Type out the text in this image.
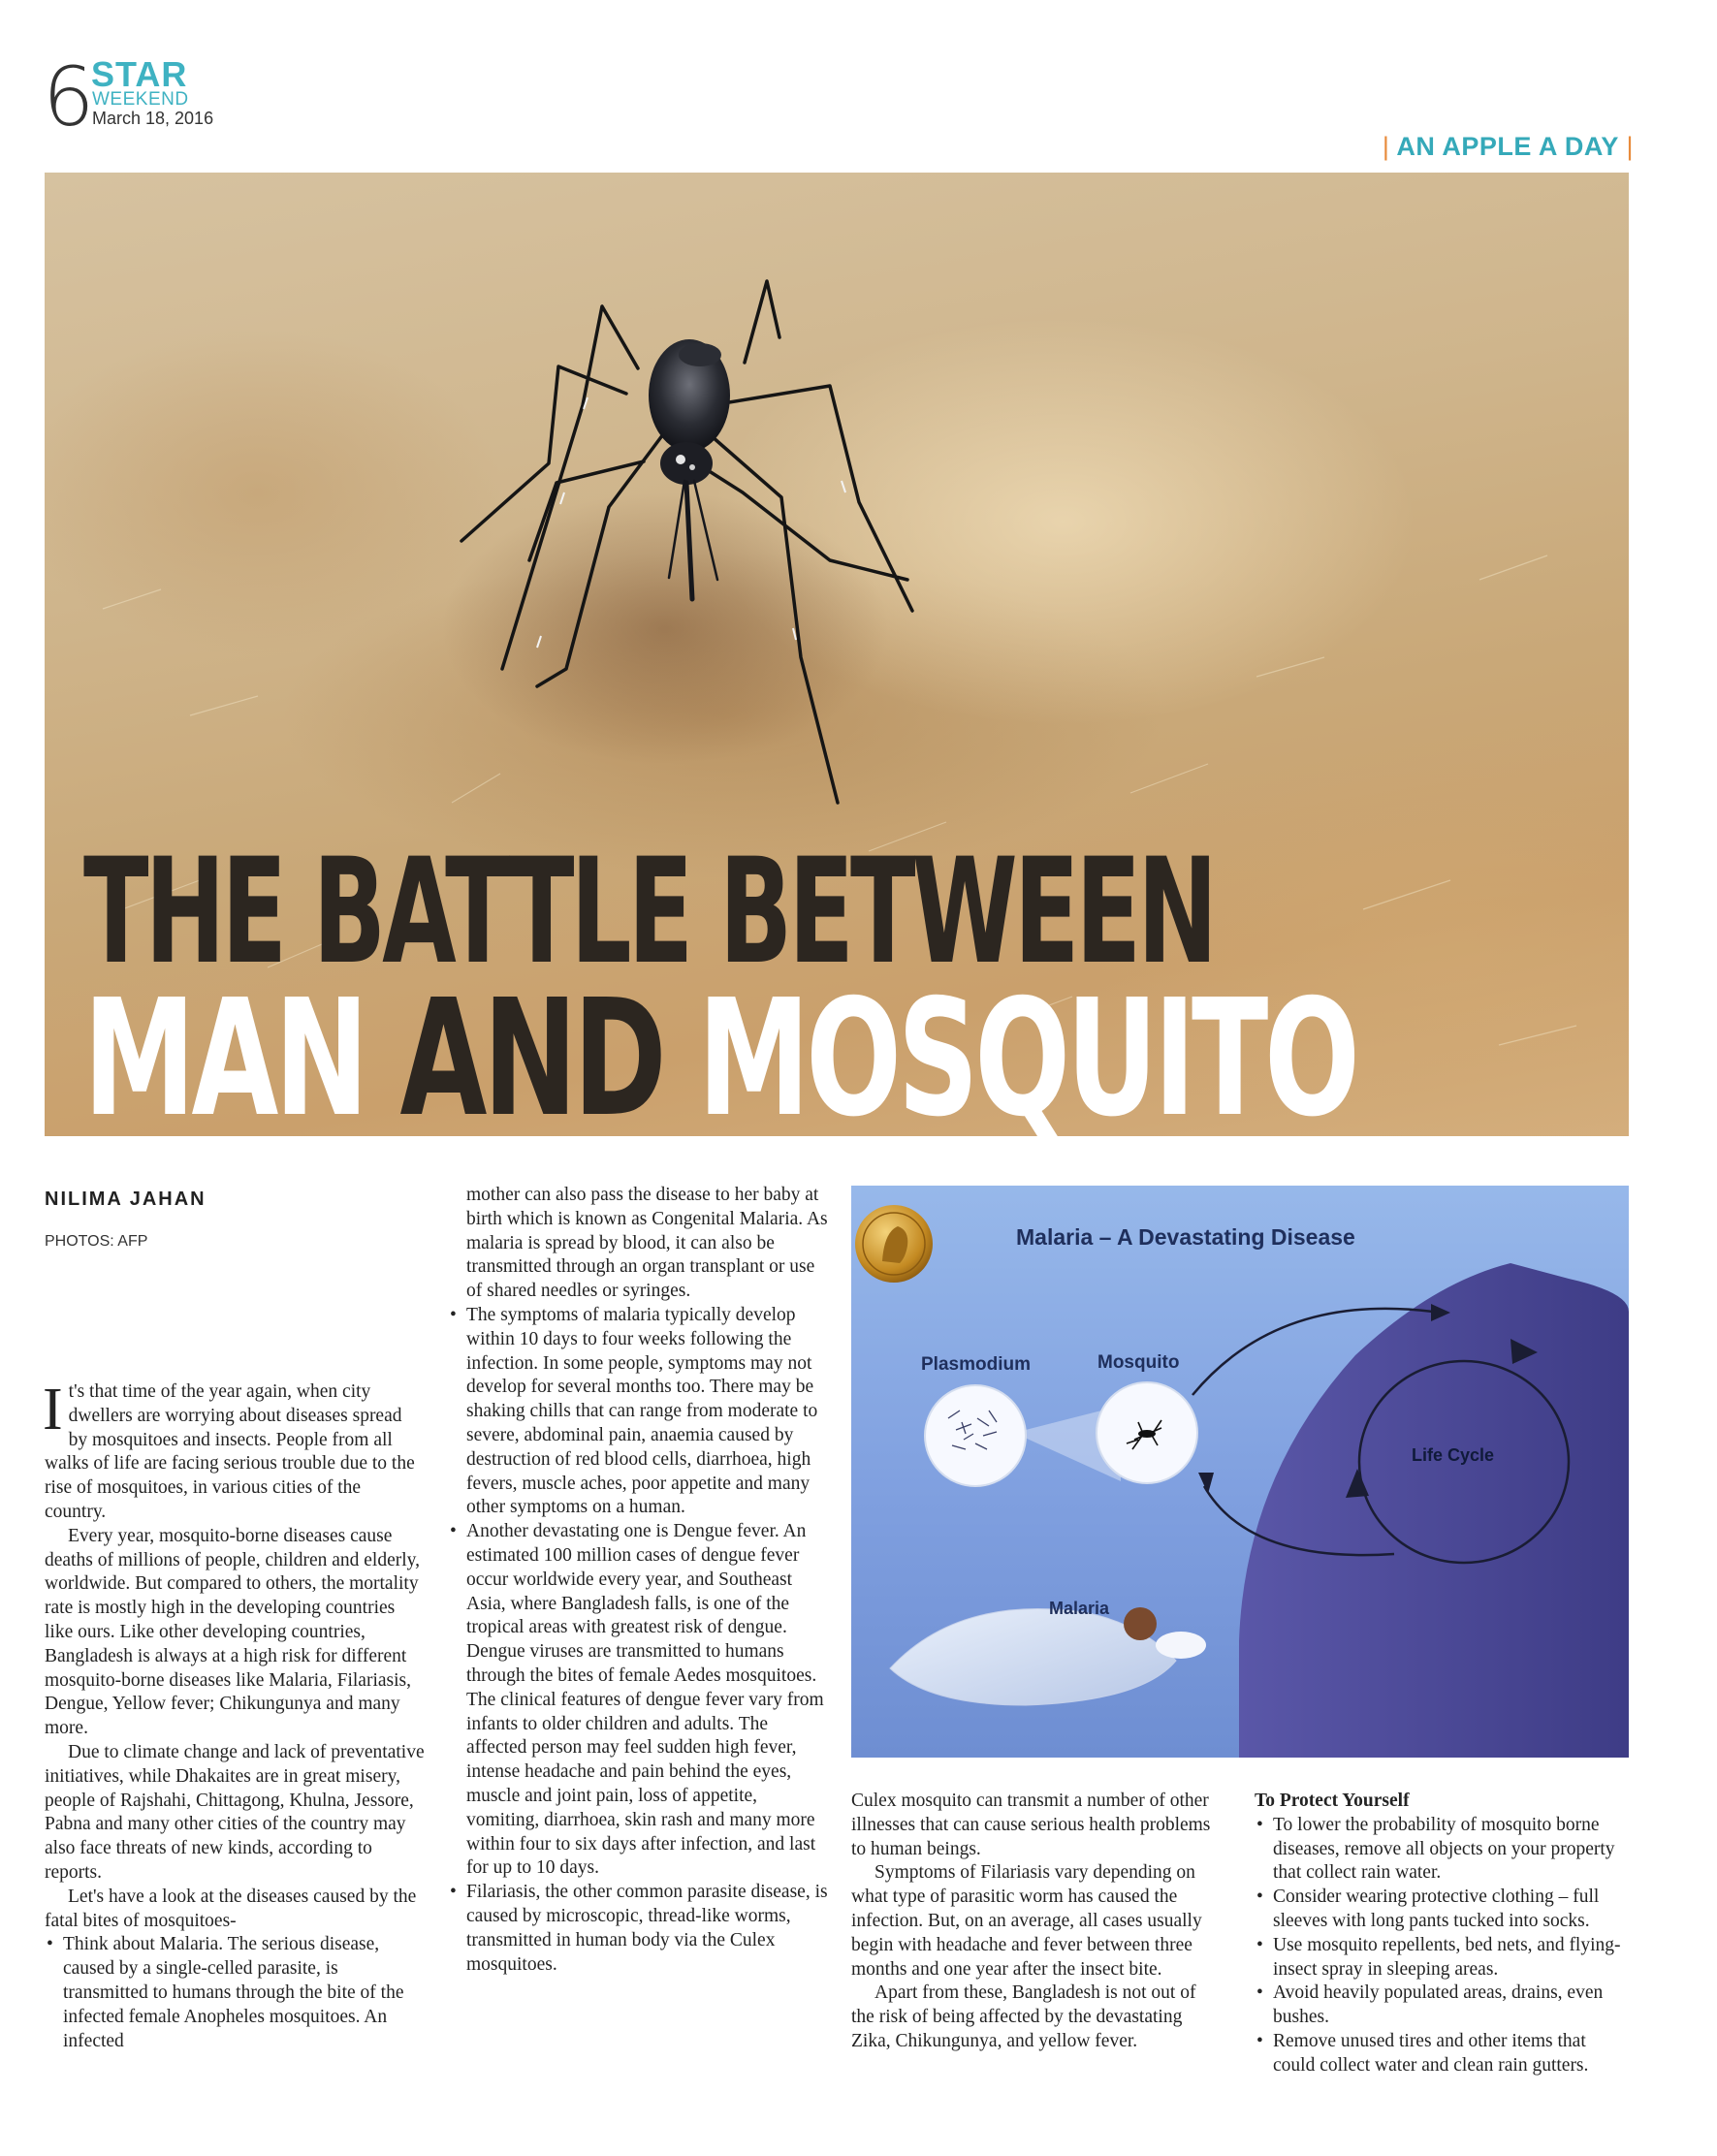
6
STAR
WEEKEND
March 18, 2016
| AN APPLE A DAY |
THE BATTLE BETWEEN
MAN AND MOSQUITO
NILIMA JAHAN
PHOTOS: AFP

It's that time of the year again, when city dwellers are worrying about diseases spread by mosquitoes and insects. People from all walks of life are facing serious trouble due to the rise of mosquitoes, in various cities of the country.

Every year, mosquito-borne diseases cause deaths of millions of people, children and elderly, worldwide. But compared to others, the mortality rate is mostly high in the developing countries like ours. Like other developing countries, Bangladesh is always at a high risk for different mosquito-borne diseases like Malaria, Filariasis, Dengue, Yellow fever; Chikungunya and many more.

Due to climate change and lack of preventative initiatives, while Dhakaites are in great misery, people of Rajshahi, Chittagong, Khulna, Jessore, Pabna and many other cities of the country may also face threats of new kinds, according to reports.

Let's have a look at the diseases caused by the fatal bites of mosquitoes-

• Think about Malaria. The serious disease, caused by a single-celled parasite, is transmitted to humans through the bite of the infected female Anopheles mosquitoes. An infected

mother can also pass the disease to her baby at birth which is known as Congenital Malaria. As malaria is spread by blood, it can also be transmitted through an organ transplant or use of shared needles or syringes.

• The symptoms of malaria typically develop within 10 days to four weeks following the infection. In some people, symptoms may not develop for several months too. There may be shaking chills that can range from moderate to severe, abdominal pain, anaemia caused by destruction of red blood cells, diarrhoea, high fevers, muscle aches, poor appetite and many other symptoms on a human.
• Another devastating one is Dengue fever. An estimated 100 million cases of dengue fever occur worldwide every year, and Southeast Asia, where Bangladesh falls, is one of the tropical areas with greatest risk of dengue. Dengue viruses are transmitted to humans through the bites of female Aedes mosquitoes. The clinical features of dengue fever vary from infants to older children and adults. The affected person may feel sudden high fever, intense headache and pain behind the eyes, muscle and joint pain, loss of appetite, vomiting, diarrhoea, skin rash and many more within four to six days after infection, and last for up to 10 days.
• Filariasis, the other common parasite disease, is caused by microscopic, thread-like worms, transmitted in human body via the Culex mosquitoes.
Malaria – A Devastating Disease
Plasmodium	Mosquito
Life Cycle
Malaria

Culex mosquito can transmit a number of other illnesses that can cause serious health problems to human beings.

Symptoms of Filariasis vary depending on what type of parasitic worm has caused the infection. But, on an average, all cases usually begin with headache and fever between three months and one year after the insect bite.

Apart from these, Bangladesh is not out of the risk of being affected by the devastating Zika, Chikungunya, and yellow fever.

To Protect Yourself

• To lower the probability of mosquito borne diseases, remove all objects on your property that collect rain water.
• Consider wearing protective clothing – full sleeves with long pants tucked into socks.
• Use mosquito repellents, bed nets, and flying-insect spray in sleeping areas.
• Avoid heavily populated areas, drains, even bushes.
• Remove unused tires and other items that could collect water and clean rain gutters.
